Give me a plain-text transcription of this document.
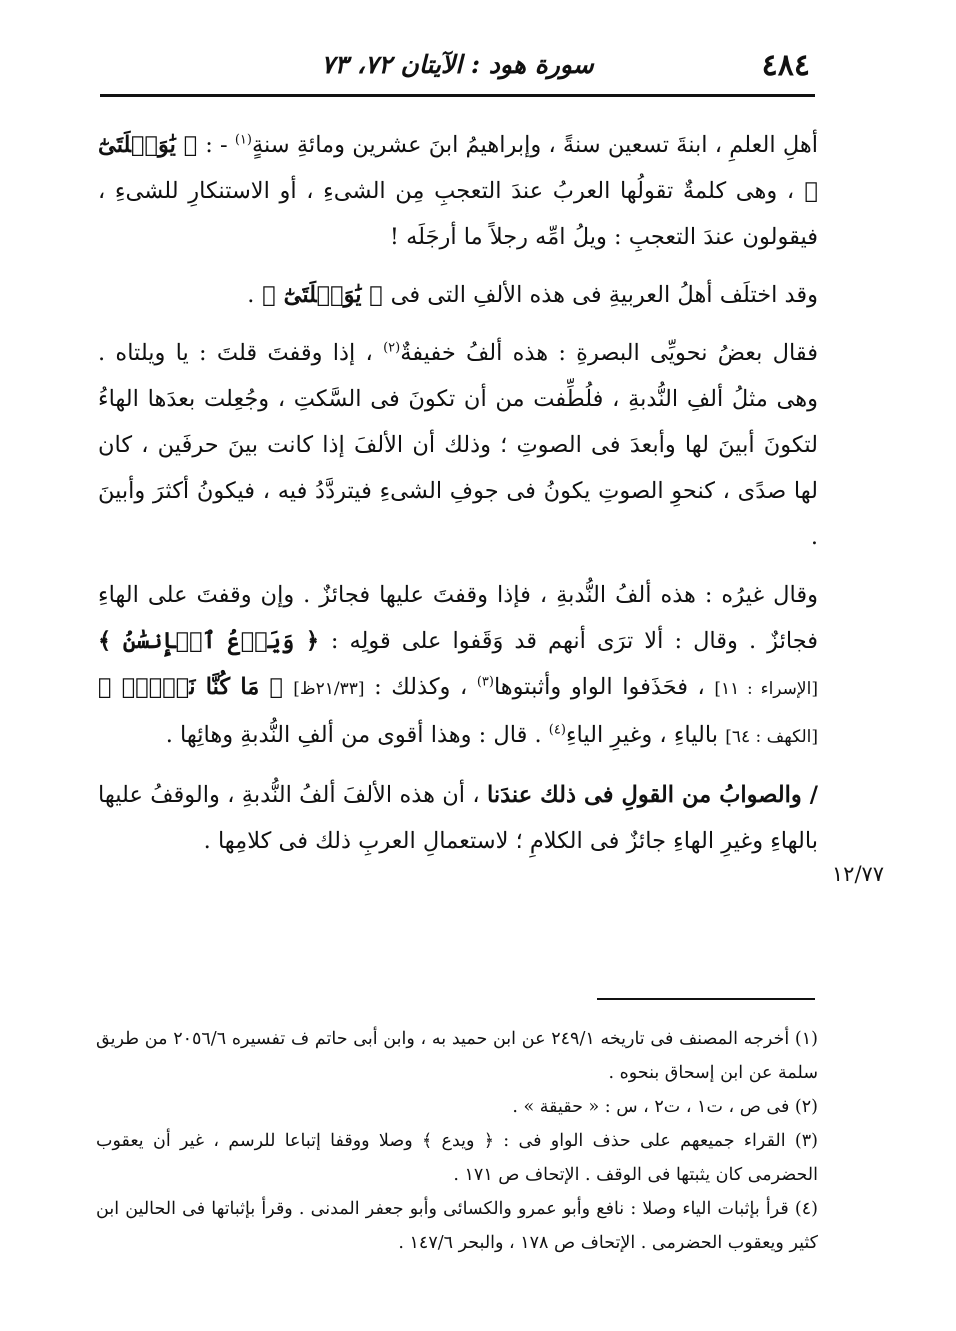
٤٨٤
سورة هود : الآيتان ٧٢، ٧٣

أهلِ العلمِ ، ابنةَ تسعين سنةً ، وإبراهيمُ ابنَ عشرين ومائةِ سنةٍ$^{(١)}$ - : ﴿ يَٰوَيۡلَتَىٰٓ ﴾ ، وهى كلمةٌ تقولُها العربُ عندَ التعجبِ مِن الشىءِ ، أو الاستنكارِ للشىءِ ، فيقولون عندَ التعجبِ : ويلُ امِّه رجلاً ما أرجَلَه !

وقد اختلَف أهلُ العربيةِ فى هذه الألفِ التى فى ﴿ يَٰوَيۡلَتَىٰٓ ﴾ .

فقال بعضُ نحويِّى البصرةِ : هذه ألفُ خفيفةٌ$^{(٢)}$ ، إذا وقفتَ قلتَ : يا ويلتاه . وهى مثلُ ألفِ النُّدبةِ ، فلُطِّفت من أن تكونَ فى السَّكتِ ، وجُعِلت بعدَها الهاءُ لتكونَ أبينَ لها وأبعدَ فى الصوتِ ؛ وذلك أن الألفَ إذا كانت بينَ حرفَين ، كان لها صدًى ، كنحوِ الصوتِ يكونُ فى جوفِ الشىءِ فيتردَّدُ فيه ، فيكونُ أكثرَ وأبينَ .

وقال غيرُه : هذه ألفُ النُّدبةِ ، فإذا وقفتَ عليها فجائزٌ . وإن وقفتَ على الهاءِ فجائزٌ . وقال : ألا ترَى أنهم قد وَقَفوا على قولِه : ﴿ وَيَدۡعُ ٱلۡإِنسَٰنُ ﴾ [الإسراء : ١١] ، فحَذَفوا الواو وأثبتوها$^{(٣)}$ ، وكذلك : [٢١/٣٣ظ] ﴿ مَا كُنَّا نَبۡغِۚ ﴾ [الكهف : ٦٤] بالياءِ ، وغيرِ الياءِ$^{(٤)}$ . قال : وهذا أقوى من ألفِ النُّدبةِ وهائِها .

/ والصوابُ من القولِ فى ذلك عندَنا ، أن هذه الألفَ ألفُ النُّدبةِ ، والوقفُ عليها بالهاءِ وغيرِ الهاءِ جائزٌ فى الكلامِ ؛ لاستعمالِ العربِ ذلك فى كلامِها .

١٢/٧٧

(١) أخرجه المصنف فى تاريخه ٢٤٩/١ عن ابن حميد به ، وابن أبى حاتم ف تفسيره ٢٠٥٦/٦ من طريق سلمة عن ابن إسحاق بنحوه .

(٢) فى ص ، ت١ ، ت٢ ، س : « حقيقة » .

(٣) القراء جميعهم على حذف الواو فى : ﴿ ويدع ﴾ وصلا ووقفا إتباعا للرسم ، غير أن يعقوب الحضرمى كان يثبتها فى الوقف . الإتحاف ص ١٧١ .

(٤) قرأ بإثبات الياء وصلا : نافع وأبو عمرو والكسائى وأبو جعفر المدنى . وقرأ بإثباتها فى الحالين ابن كثير ويعقوب الحضرمى . الإتحاف ص ١٧٨ ، والبحر ١٤٧/٦ .
